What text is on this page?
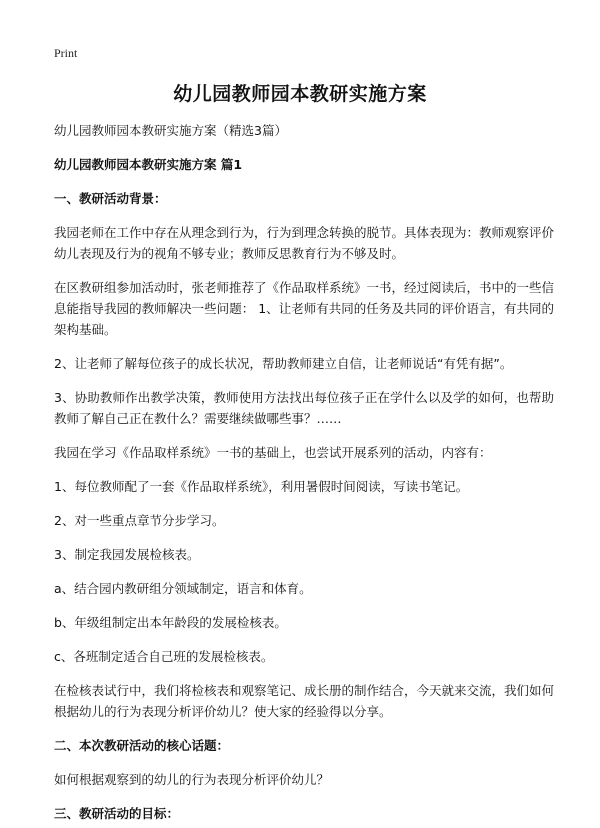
Print
幼儿园教师园本教研实施方案

幼儿园教师园本教研实施方案（精选3篇）

幼儿园教师园本教研实施方案 篇1

一、教研活动背景：

我园老师在工作中存在从理念到行为，行为到理念转换的脱节。具体表现为：教师观察评价幼儿表现及行为的视角不够专业；教师反思教育行为不够及时。

在区教研组参加活动时，张老师推荐了《作品取样系统》一书，经过阅读后，书中的一些信息能指导我园的教师解决一些问题： 1、让老师有共同的任务及共同的评价语言，有共同的架构基础。

2、让老师了解每位孩子的成长状况，帮助教师建立自信，让老师说话“有凭有据”。

3、协助教师作出教学决策，教师使用方法找出每位孩子正在学什么以及学的如何，也帮助教师了解自己正在教什么？需要继续做哪些事？……

我园在学习《作品取样系统》一书的基础上，也尝试开展系列的活动，内容有：

1、每位教师配了一套《作品取样系统》，利用暑假时间阅读，写读书笔记。

2、对一些重点章节分步学习。

3、制定我园发展检核表。

a、结合园内教研组分领域制定，语言和体育。

b、年级组制定出本年龄段的发展检核表。

c、各班制定适合自己班的发展检核表。

在检核表试行中，我们将检核表和观察笔记、成长册的制作结合，今天就来交流，我们如何根据幼儿的行为表现分析评价幼儿？使大家的经验得以分享。

二、本次教研活动的核心话题：

如何根据观察到的幼儿的行为表现分析评价幼儿？

三、教研活动的目标：
